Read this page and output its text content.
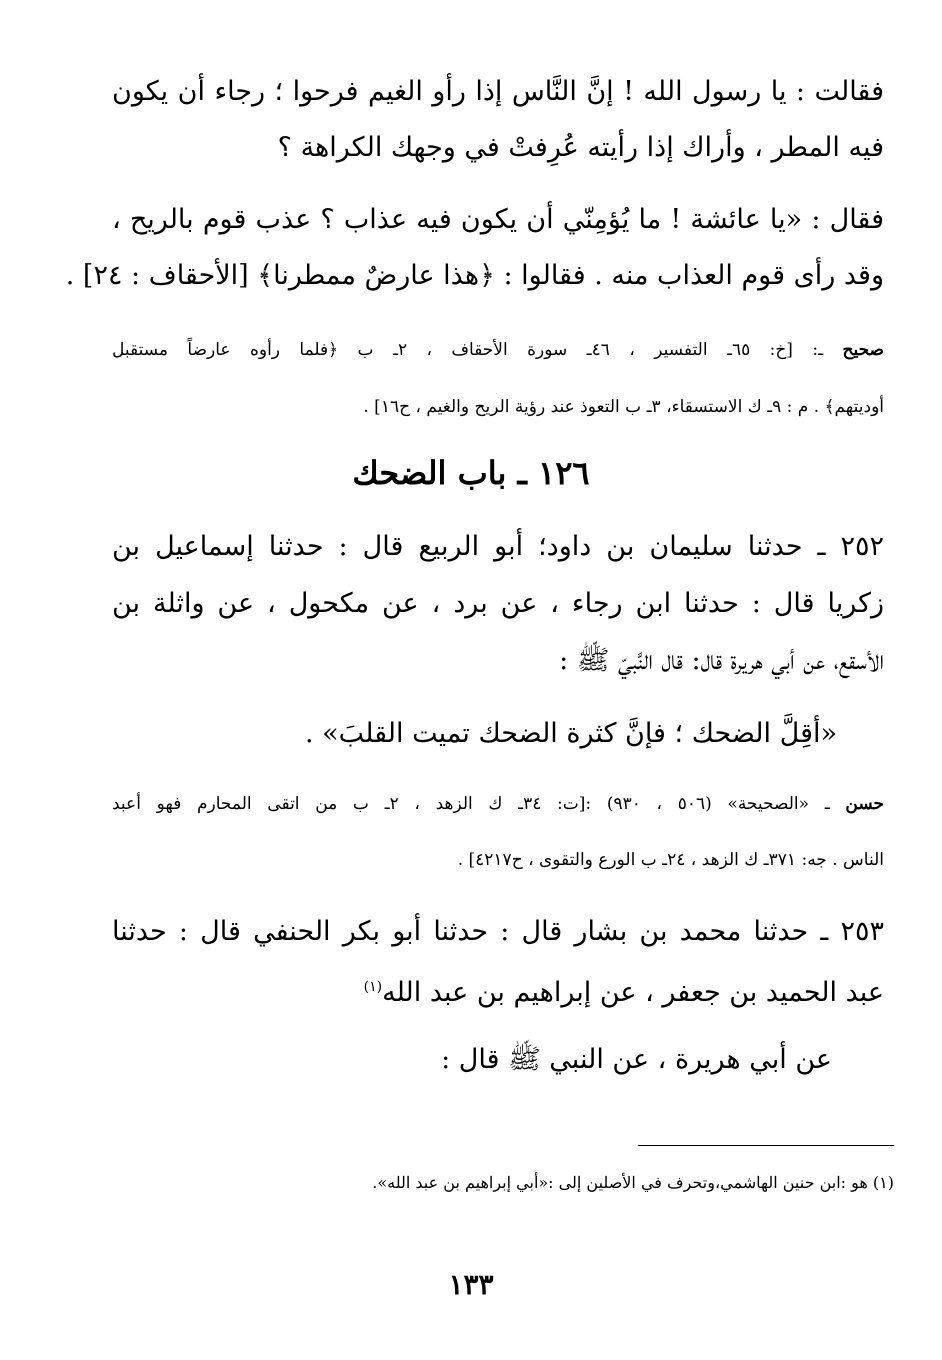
فقالت : يا رسول الله ! إنَّ النَّاس إذا رأو الغيم فرحوا ؛ رجاء أن يكون

فيه المطر ، وأراك إذا رأيته عُرِفتْ في وجهك الكراهة ؟

فقال : «يا عائشة ! ما يُؤمِنّي أن يكون فيه عذاب ؟ عذب قوم بالريح ،

وقد رأى قوم العذاب منه . فقالوا : ﴿هذا عارضٌ ممطرنا﴾ [الأحقاف : ٢٤] .

صحيح ـ: [خ: ٦٥ـ التفسير ، ٤٦ـ سورة الأحقاف ، ٢ـ ب ﴿فلما رأوه عارضاً مستقبل

أوديتهم﴾ . م : ٩ـ ك الاستسقاء، ٣ـ ب التعوذ عند رؤية الريح والغيم ، ح١٦] .

١٢٦ ـ باب الضحك

٢٥٢ ـ حدثنا سليمان بن داود؛ أبو الربيع قال : حدثنا إسماعيل بن

زكريا قال : حدثنا ابن رجاء ، عن برد ، عن مكحول ، عن واثلة بن

الأسقع، عن أبي هريرة قال: قال النَّبيّ ﷺ :

«أقِلَّ الضحك ؛ فإنَّ كثرة الضحك تميت القلبَ» .

حسن ـ «الصحيحة» (٥٠٦ ، ٩٣٠) :[ت: ٣٤ـ ك الزهد ، ٢ـ ب من اتقى المحارم فهو أعبد

الناس . جه: ٣٧١ـ ك الزهد ، ٢٤ـ ب الورع والتقوى ، ح٤٢١٧] .

٢٥٣ ـ حدثنا محمد بن بشار قال : حدثنا أبو بكر الحنفي قال : حدثنا

عبد الحميد بن جعفر ، عن إبراهيم بن عبد الله$^{(١)}$

عن أبي هريرة ، عن النبي ﷺ قال :

(١) هو :ابن حنين الهاشمي،وتحرف في الأصلين إلى :«أبي إبراهيم بن عبد الله».

١٣٣
